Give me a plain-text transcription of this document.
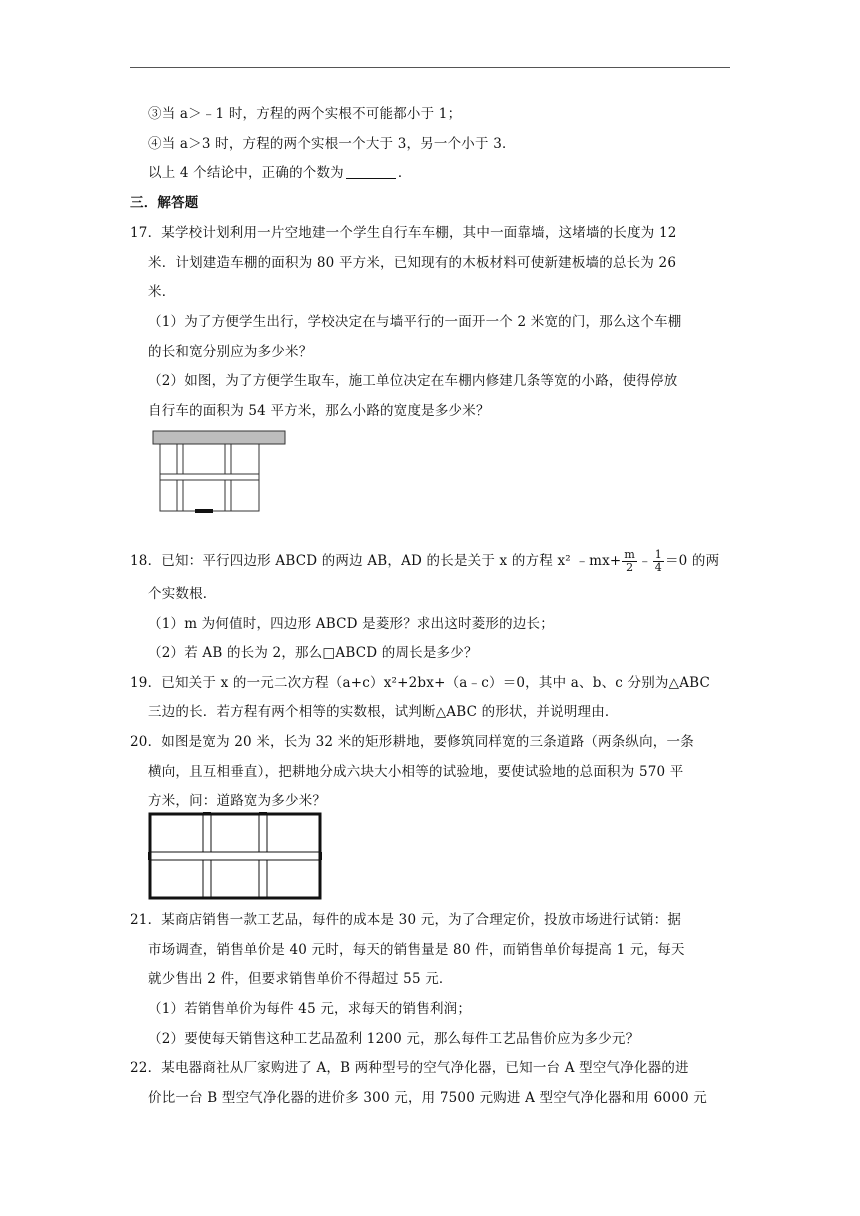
③当 a＞﹣1 时，方程的两个实根不可能都小于 1；
④当 a＞3 时，方程的两个实根一个大于 3，另一个小于 3．
以上 4 个结论中，正确的个数为	．
三．解答题
17．某学校计划利用一片空地建一个学生自行车车棚，其中一面靠墙，这堵墙的长度为 12
米．计划建造车棚的面积为 80 平方米，已知现有的木板材料可使新建板墙的总长为 26
米．
（1）为了方便学生出行，学校决定在与墙平行的一面开一个 2 米宽的门，那么这个车棚
的长和宽分别应为多少米？
（2）如图，为了方便学生取车，施工单位决定在车棚内修建几条等宽的小路，使得停放
自行车的面积为 54 平方米，那么小路的宽度是多少米？
18．已知：平行四边形 ABCD 的两边 AB，AD 的长是关于 x 的方程 x² ﹣mx+ $\frac{m}{2}$ ﹣ $\frac{1}{4} =0$ 的两
个实数根．
（1）m 为何值时，四边形 ABCD 是菱形？求出这时菱形的边长；
（2）若 AB 的长为 2，那么□ABCD 的周长是多少？
19．已知关于 x 的一元二次方程（a+c）x²+2bx+（a﹣c）＝0，其中 a、b、c 分别为△ABC
三边的长．若方程有两个相等的实数根，试判断△ABC 的形状，并说明理由．
20．如图是宽为 20 米，长为 32 米的矩形耕地，要修筑同样宽的三条道路（两条纵向，一条
横向，且互相垂直），把耕地分成六块大小相等的试验地，要使试验地的总面积为 570 平
方米，问：道路宽为多少米？
21．某商店销售一款工艺品，每件的成本是 30 元，为了合理定价，投放市场进行试销：据
市场调查，销售单价是 40 元时，每天的销售量是 80 件，而销售单价每提高 1 元，每天
就少售出 2 件，但要求销售单价不得超过 55 元．
（1）若销售单价为每件 45 元，求每天的销售利润；
（2）要使每天销售这种工艺品盈利 1200 元，那么每件工艺品售价应为多少元？
22．某电器商社从厂家购进了 A，B 两种型号的空气净化器，已知一台 A 型空气净化器的进
价比一台 B 型空气净化器的进价多 300 元，用 7500 元购进 A 型空气净化器和用 6000 元
